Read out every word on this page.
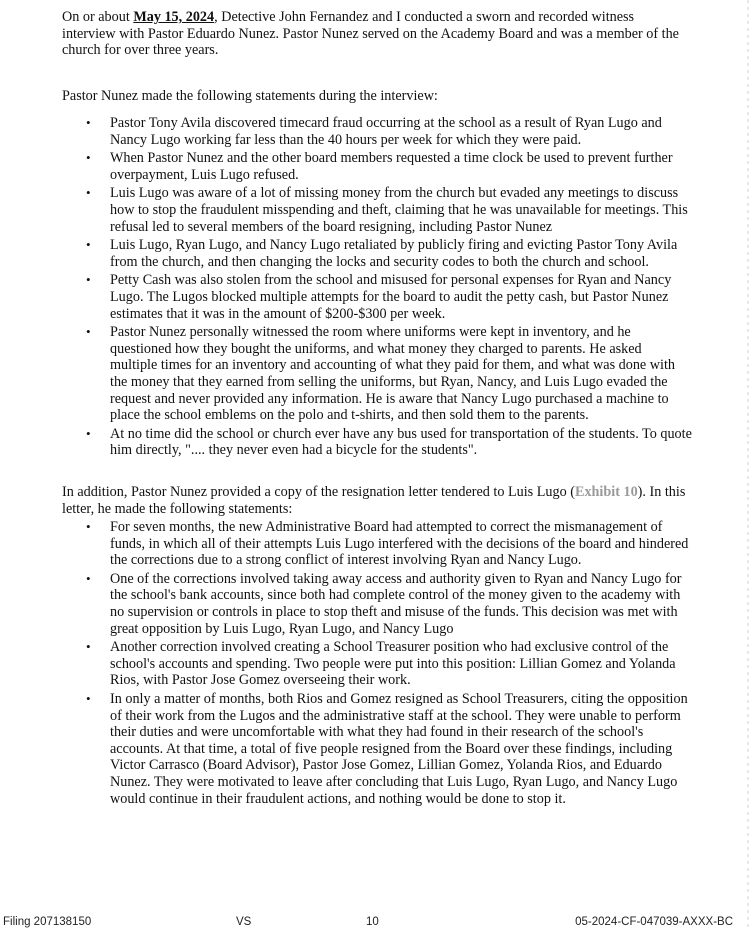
On or about May 15, 2024, Detective John Fernandez and I conducted a sworn and recorded witness interview with Pastor Eduardo Nunez. Pastor Nunez served on the Academy Board and was a member of the church for over three years.

Pastor Nunez made the following statements during the interview:

• Pastor Tony Avila discovered timecard fraud occurring at the school as a result of Ryan Lugo and Nancy Lugo working far less than the 40 hours per week for which they were paid.
• When Pastor Nunez and the other board members requested a time clock be used to prevent further overpayment, Luis Lugo refused.
• Luis Lugo was aware of a lot of missing money from the church but evaded any meetings to discuss how to stop the fraudulent misspending and theft, claiming that he was unavailable for meetings. This refusal led to several members of the board resigning, including Pastor Nunez
• Luis Lugo, Ryan Lugo, and Nancy Lugo retaliated by publicly firing and evicting Pastor Tony Avila from the church, and then changing the locks and security codes to both the church and school.
• Petty Cash was also stolen from the school and misused for personal expenses for Ryan and Nancy Lugo. The Lugos blocked multiple attempts for the board to audit the petty cash, but Pastor Nunez estimates that it was in the amount of $200-$300 per week.
• Pastor Nunez personally witnessed the room where uniforms were kept in inventory, and he questioned how they bought the uniforms, and what money they charged to parents. He asked multiple times for an inventory and accounting of what they paid for them, and what was done with the money that they earned from selling the uniforms, but Ryan, Nancy, and Luis Lugo evaded the request and never provided any information. He is aware that Nancy Lugo purchased a machine to place the school emblems on the polo and t-shirts, and then sold them to the parents.
• At no time did the school or church ever have any bus used for transportation of the students. To quote him directly, ".... they never even had a bicycle for the students".

In addition, Pastor Nunez provided a copy of the resignation letter tendered to Luis Lugo (Exhibit 10). In this letter, he made the following statements:

• For seven months, the new Administrative Board had attempted to correct the mismanagement of funds, in which all of their attempts Luis Lugo interfered with the decisions of the board and hindered the corrections due to a strong conflict of interest involving Ryan and Nancy Lugo.
• One of the corrections involved taking away access and authority given to Ryan and Nancy Lugo for the school's bank accounts, since both had complete control of the money given to the academy with no supervision or controls in place to stop theft and misuse of the funds. This decision was met with great opposition by Luis Lugo, Ryan Lugo, and Nancy Lugo
• Another correction involved creating a School Treasurer position who had exclusive control of the school's accounts and spending. Two people were put into this position: Lillian Gomez and Yolanda Rios, with Pastor Jose Gomez overseeing their work.
• In only a matter of months, both Rios and Gomez resigned as School Treasurers, citing the opposition of their work from the Lugos and the administrative staff at the school. They were unable to perform their duties and were uncomfortable with what they had found in their research of the school's accounts. At that time, a total of five people resigned from the Board over these findings, including Victor Carrasco (Board Advisor), Pastor Jose Gomez, Lillian Gomez, Yolanda Rios, and Eduardo Nunez. They were motivated to leave after concluding that Luis Lugo, Ryan Lugo, and Nancy Lugo would continue in their fraudulent actions, and nothing would be done to stop it.
Filing 207138150	VS	10	05-2024-CF-047039-AXXX-BC
